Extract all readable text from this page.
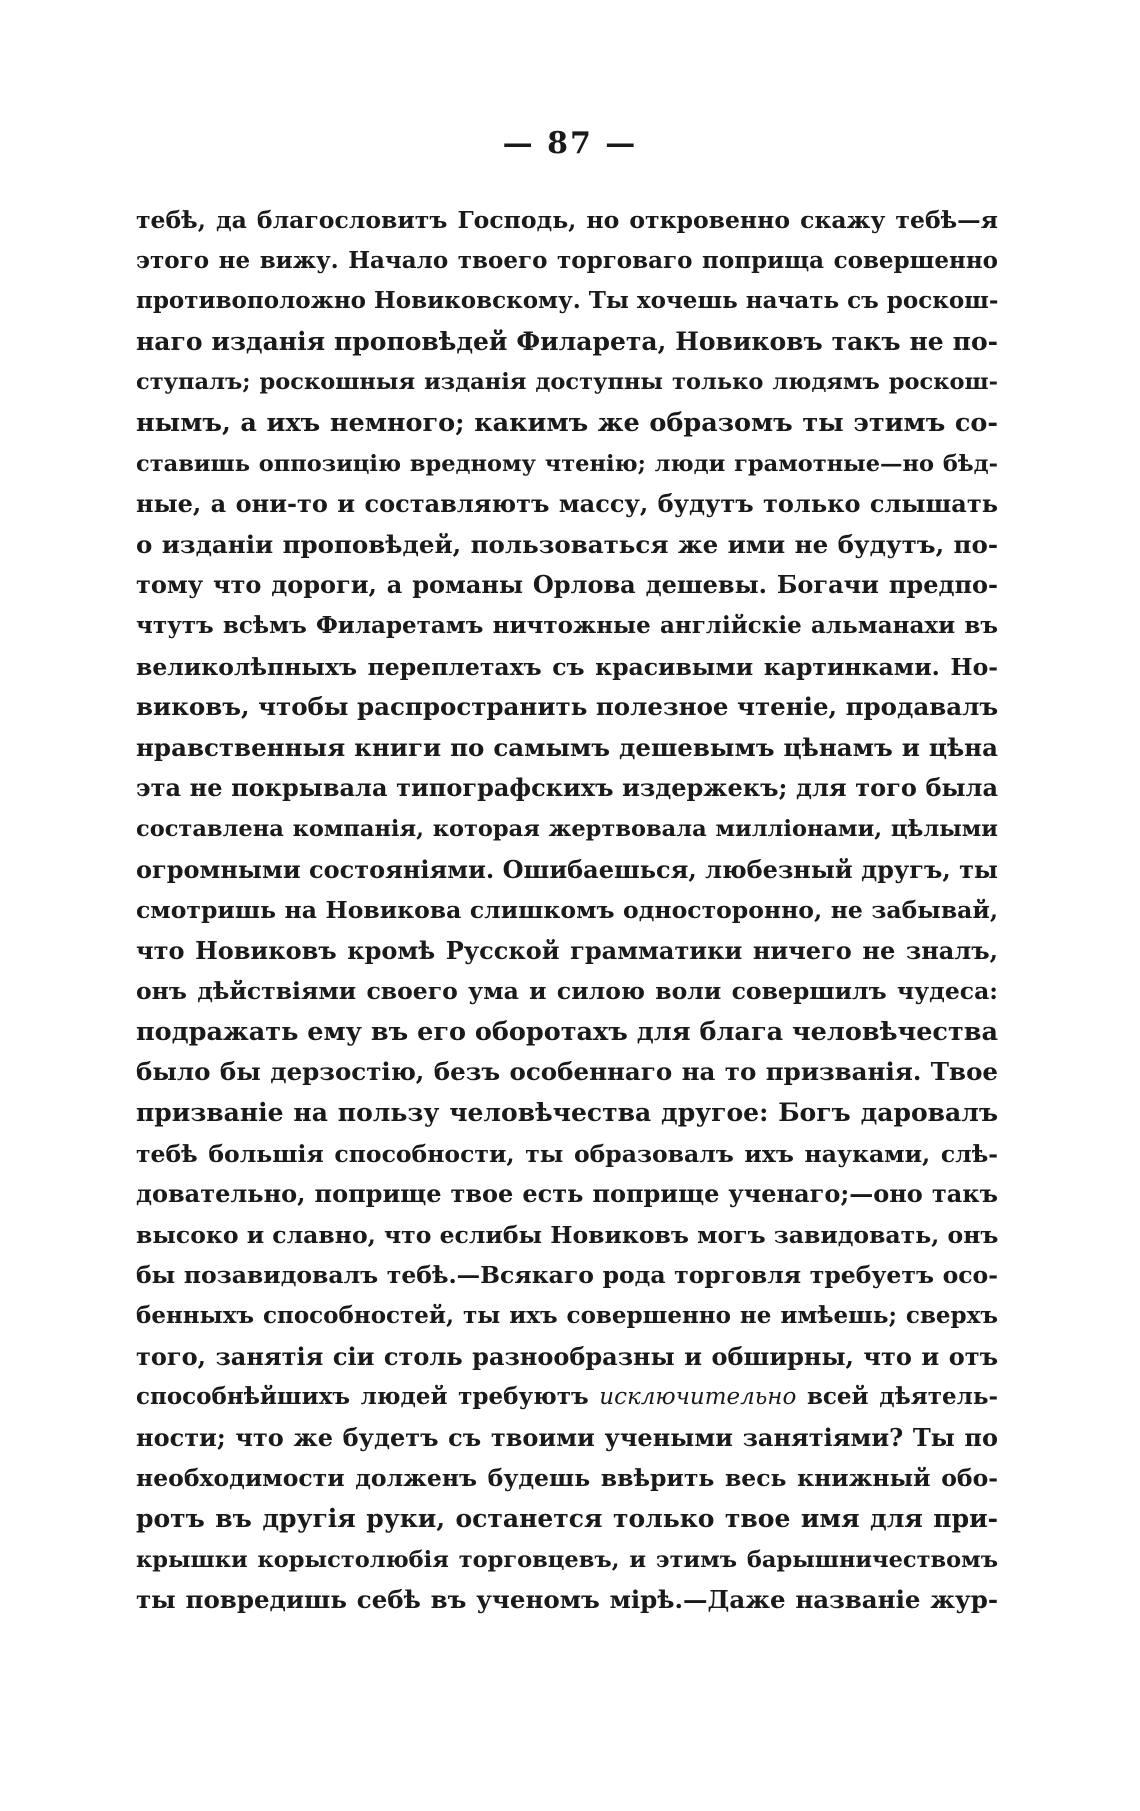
— 87 —
тебѣ, да благословитъ Господь, но откровенно скажу тебѣ—я
этого не вижу. Начало твоего торговаго поприща совершенно
противоположно Новиковскому. Ты хочешь начать съ роскош-
наго изданія проповѣдей Филарета, Новиковъ такъ не по-
ступалъ; роскошныя изданія доступны только людямъ роскош-
нымъ, а ихъ немного; какимъ же образомъ ты этимъ со-
ставишь оппозицію вредному чтенію; люди грамотные—но бѣд-
ные, а они-то и составляютъ массу, будутъ только слышать
о изданіи проповѣдей, пользоваться же ими не будутъ, по-
тому что дороги, а романы Орлова дешевы. Богачи предпо-
чтутъ всѣмъ Филаретамъ ничтожные англійскіе альманахи въ
великолѣпныхъ переплетахъ съ красивыми картинками. Но-
виковъ, чтобы распространить полезное чтеніе, продавалъ
нравственныя книги по самымъ дешевымъ цѣнамъ и цѣна
эта не покрывала типографскихъ издержекъ; для того была
составлена компанія, которая жертвовала милліонами, цѣлыми
огромными состояніями. Ошибаешься, любезный другъ, ты
смотришь на Новикова слишкомъ односторонно, не забывай,
что Новиковъ кромѣ Русской грамматики ничего не зналъ,
онъ дѣйствіями своего ума и силою воли совершилъ чудеса:
подражать ему въ его оборотахъ для блага человѣчества
было бы дерзостію, безъ особеннаго на то призванія. Твое
призваніе на пользу человѣчества другое: Богъ даровалъ
тебѣ большія способности, ты образовалъ ихъ науками, слѣ-
довательно, поприще твое есть поприще ученаго;—оно такъ
высоко и славно, что еслибы Новиковъ могъ завидовать, онъ
бы позавидовалъ тебѣ.—Всякаго рода торговля требуетъ осо-
бенныхъ способностей, ты ихъ совершенно не имѣешь; сверхъ
того, занятія сіи столь разнообразны и обширны, что и отъ
способнѣйшихъ людей требуютъ исключительно всей дѣятель-
ности; что же будетъ съ твоими учеными занятіями? Ты по
необходимости долженъ будешь ввѣрить весь книжный обо-
ротъ въ другія руки, останется только твое имя для при-
крышки корыстолюбія торговцевъ, и этимъ барышничествомъ
ты повредишь себѣ въ ученомъ мірѣ.—Даже названіе жур-
